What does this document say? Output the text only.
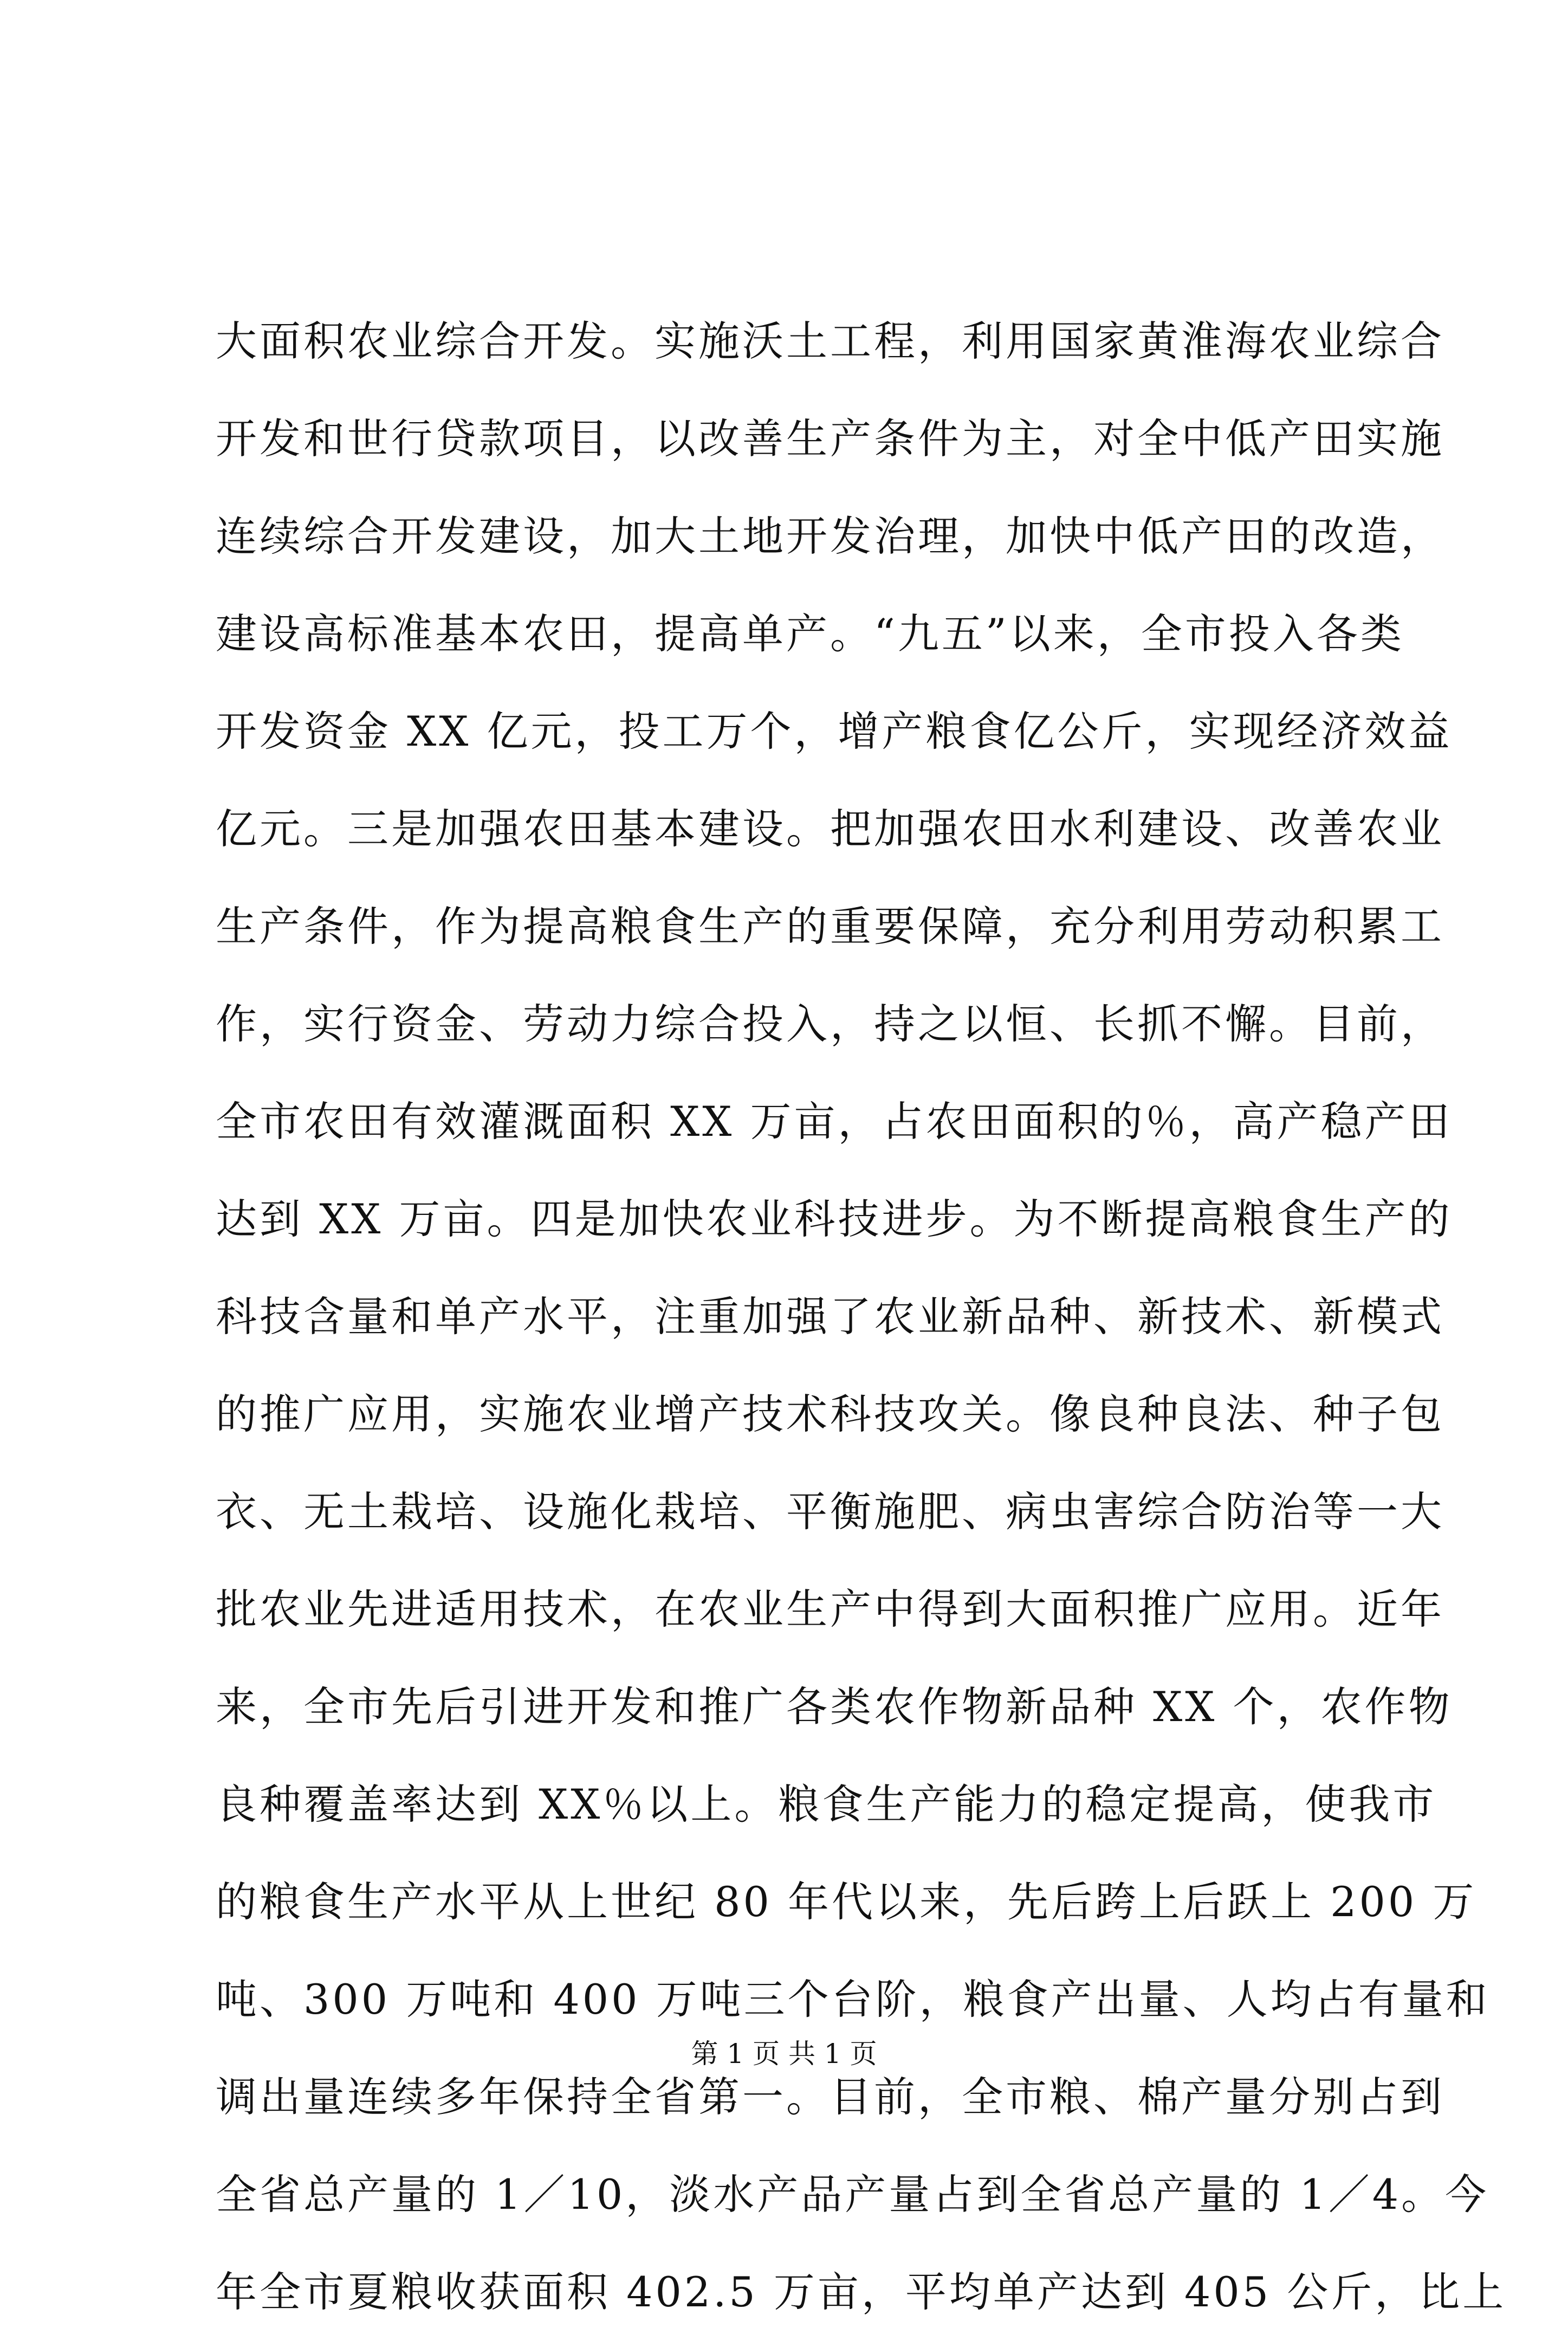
大面积农业综合开发。实施沃土工程，利用国家黄淮海农业综合
开发和世行贷款项目，以改善生产条件为主，对全中低产田实施
连续综合开发建设，加大土地开发治理，加快中低产田的改造，
建设高标准基本农田，提高单产。“九五”以来，全市投入各类
开发资金 XX 亿元，投工万个，增产粮食亿公斤，实现经济效益
亿元。三是加强农田基本建设。把加强农田水利建设、改善农业
生产条件，作为提高粮食生产的重要保障，充分利用劳动积累工
作，实行资金、劳动力综合投入，持之以恒、长抓不懈。目前，
全市农田有效灌溉面积 XX 万亩，占农田面积的％，高产稳产田
达到 XX 万亩。四是加快农业科技进步。为不断提高粮食生产的
科技含量和单产水平，注重加强了农业新品种、新技术、新模式
的推广应用，实施农业增产技术科技攻关。像良种良法、种子包
衣、无土栽培、设施化栽培、平衡施肥、病虫害综合防治等一大
批农业先进适用技术，在农业生产中得到大面积推广应用。近年
来，全市先后引进开发和推广各类农作物新品种 XX 个，农作物
良种覆盖率达到 XX％以上。粮食生产能力的稳定提高，使我市
的粮食生产水平从上世纪 80 年代以来，先后跨上后跃上 200 万
吨、300 万吨和 400 万吨三个台阶，粮食产出量、人均占有量和
调出量连续多年保持全省第一。目前，全市粮、棉产量分别占到
全省总产量的 1／10，淡水产品产量占到全省总产量的 1／4。今
年全市夏粮收获面积 402.5 万亩，平均单产达到 405 公斤，比上
第 1 页 共 1 页
